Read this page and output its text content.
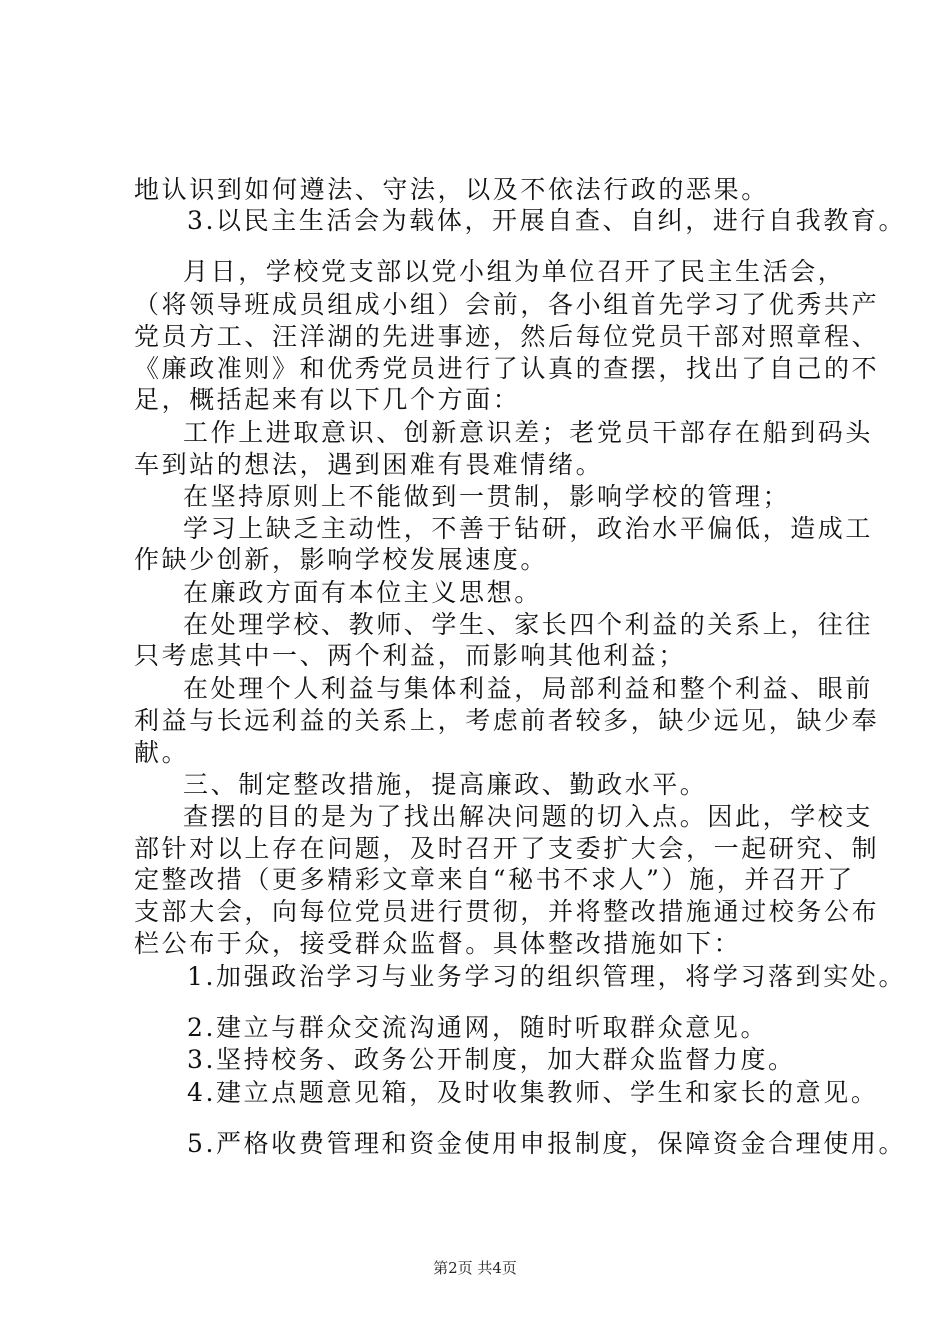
地认识到如何遵法、守法，以及不依法行政的恶果。
3.以民主生活会为载体，开展自查、自纠，进行自我教育。
月日，学校党支部以党小组为单位召开了民主生活会，
（将领导班成员组成小组）会前，各小组首先学习了优秀共产
党员方工、汪洋湖的先进事迹，然后每位党员干部对照章程、
《廉政准则》和优秀党员进行了认真的查摆，找出了自己的不
足，概括起来有以下几个方面：
工作上进取意识、创新意识差；老党员干部存在船到码头
车到站的想法，遇到困难有畏难情绪。
在坚持原则上不能做到一贯制，影响学校的管理；
学习上缺乏主动性，不善于钻研，政治水平偏低，造成工
作缺少创新，影响学校发展速度。
在廉政方面有本位主义思想。
在处理学校、教师、学生、家长四个利益的关系上，往往
只考虑其中一、两个利益，而影响其他利益；
在处理个人利益与集体利益，局部利益和整个利益、眼前
利益与长远利益的关系上，考虑前者较多，缺少远见，缺少奉
献。
三、制定整改措施，提高廉政、勤政水平。
查摆的目的是为了找出解决问题的切入点。因此，学校支
部针对以上存在问题，及时召开了支委扩大会，一起研究、制
定整改措（更多精彩文章来自“秘书不求人”）施，并召开了
支部大会，向每位党员进行贯彻，并将整改措施通过校务公布
栏公布于众，接受群众监督。具体整改措施如下：
1.加强政治学习与业务学习的组织管理，将学习落到实处。
2.建立与群众交流沟通网，随时听取群众意见。
3.坚持校务、政务公开制度，加大群众监督力度。
4.建立点题意见箱，及时收集教师、学生和家长的意见。
5.严格收费管理和资金使用申报制度，保障资金合理使用。
第2页 共4页
